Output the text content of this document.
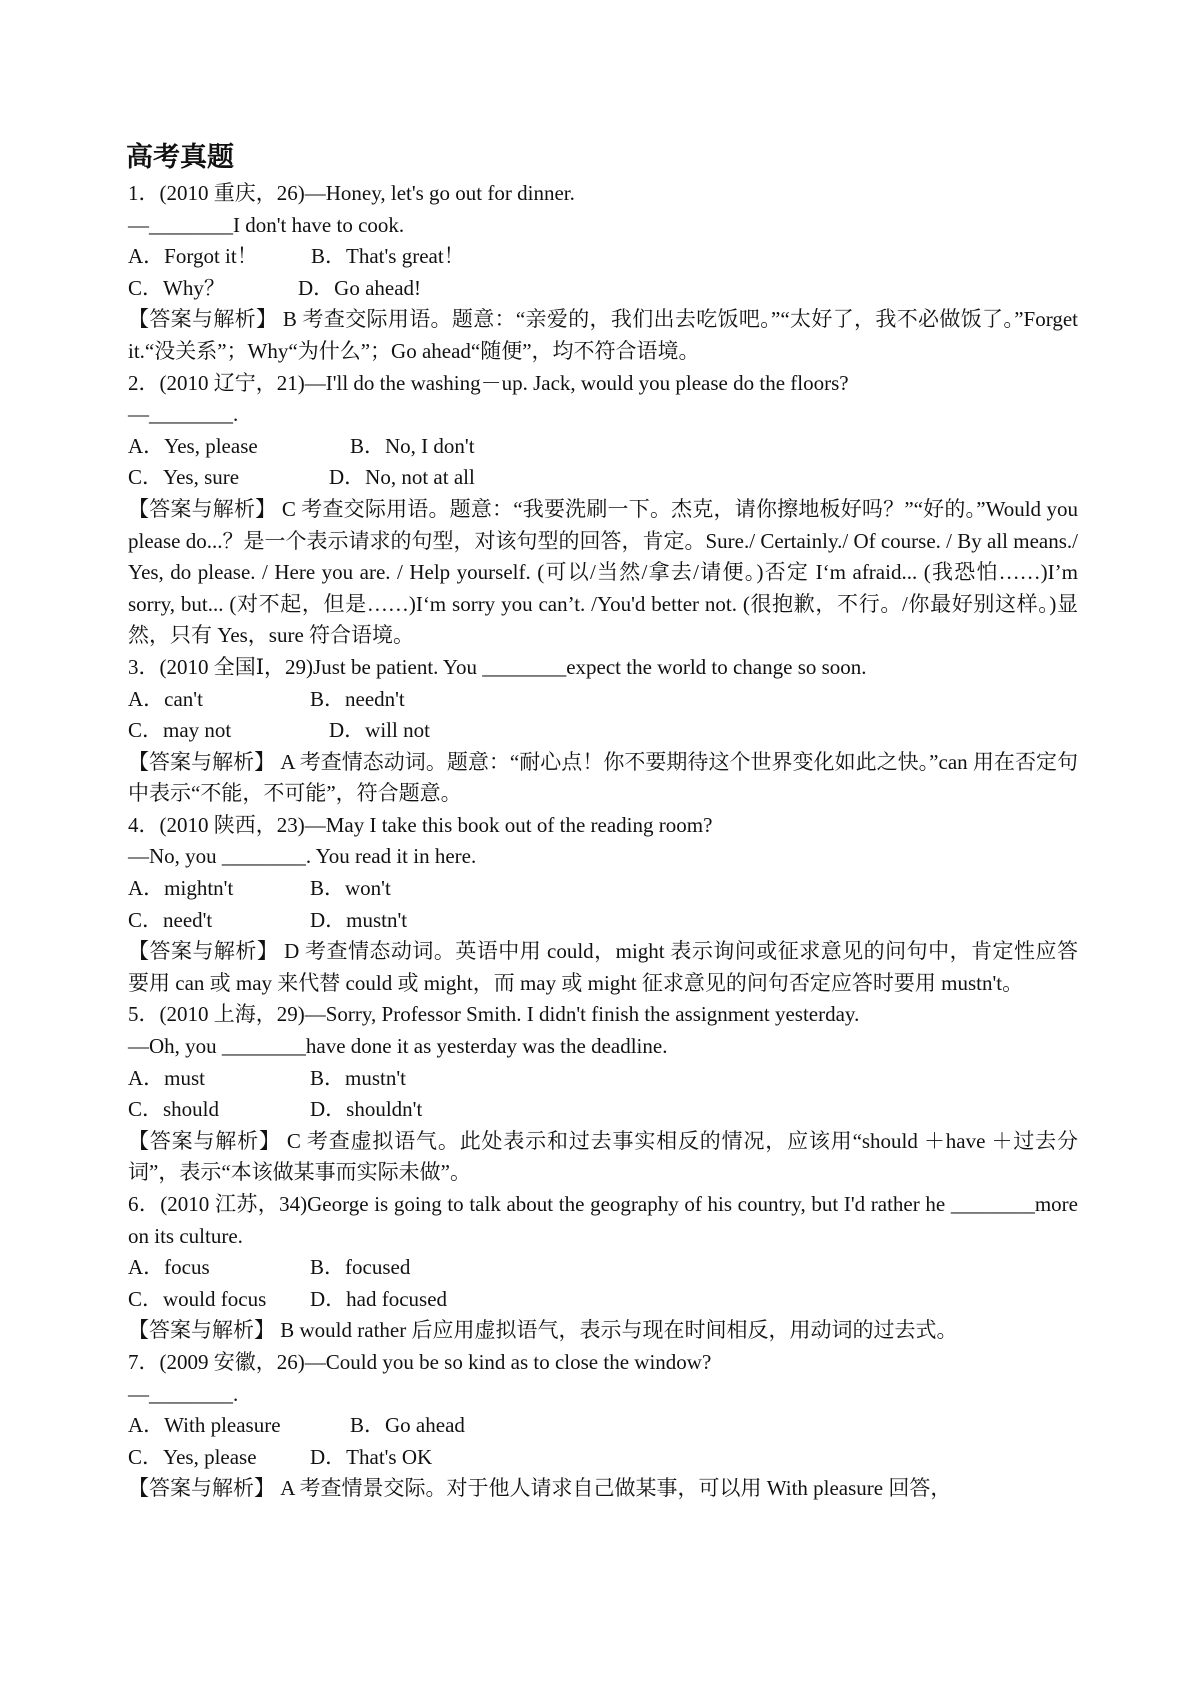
高考真题
1．(2010 重庆，26)—Honey, let's go out for dinner.
—________I don't have to cook.
A．Forgot it！	B．That's great！
C．Why？	D．Go ahead!
【答案与解析】 B 考查交际用语。题意：“亲爱的，我们出去吃饭吧。”“太好了，我不必做饭了。”Forget it.“没关系”；Why“为什么”；Go ahead“随便”，均不符合语境。
2．(2010 辽宁，21)—I'll do the washing－up. Jack, would you please do the floors?
—________.
A．Yes, please	B．No, I don't
C．Yes, sure	D．No, not at all
【答案与解析】 C 考查交际用语。题意：“我要洗刷一下。杰克，请你擦地板好吗？”“好的。”Would you please do...？是一个表示请求的句型，对该句型的回答，肯定。Sure./ Certainly./ Of course. / By all means./ Yes, do please. / Here you are. / Help yourself. (可以/当然/拿去/请便。)否定 I‘m afraid... (我恐怕……)I’m sorry, but... (对不起，但是……)I‘m sorry you can’t. /You'd better not. (很抱歉，不行。/你最好别这样。)显然，只有 Yes，sure 符合语境。
3．(2010 全国Ⅰ，29)Just be patient. You ________expect the world to change so soon.
A．can't	B．needn't
C．may not	D．will not
【答案与解析】 A 考查情态动词。题意：“耐心点！你不要期待这个世界变化如此之快。”can 用在否定句中表示“不能，不可能”，符合题意。
4．(2010 陕西，23)—May I take this book out of the reading room?
—No, you ________. You read it in here.
A．mightn't	B．won't
C．need't	D．mustn't
【答案与解析】 D 考查情态动词。英语中用 could，might 表示询问或征求意见的问句中，肯定性应答要用 can 或 may 来代替 could 或 might，而 may 或 might 征求意见的问句否定应答时要用 mustn't。
5．(2010 上海，29)—Sorry, Professor Smith. I didn't finish the assignment yesterday.
—Oh, you ________have done it as yesterday was the deadline.
A．must	B．mustn't
C．should	D．shouldn't
【答案与解析】 C 考查虚拟语气。此处表示和过去事实相反的情况，应该用“should ＋have ＋过去分词”，表示“本该做某事而实际未做”。
6．(2010 江苏，34)George is going to talk about the geography of his country, but I'd rather he ________more on its culture.
A．focus	B．focused
C．would focus D．had focused
【答案与解析】 B would rather 后应用虚拟语气，表示与现在时间相反，用动词的过去式。
7．(2009 安徽，26)—Could you be so kind as to close the window?
—________.
A．With pleasure	B．Go ahead
C．Yes, please	D．That's OK
【答案与解析】 A 考查情景交际。对于他人请求自己做某事，可以用 With pleasure 回答，
